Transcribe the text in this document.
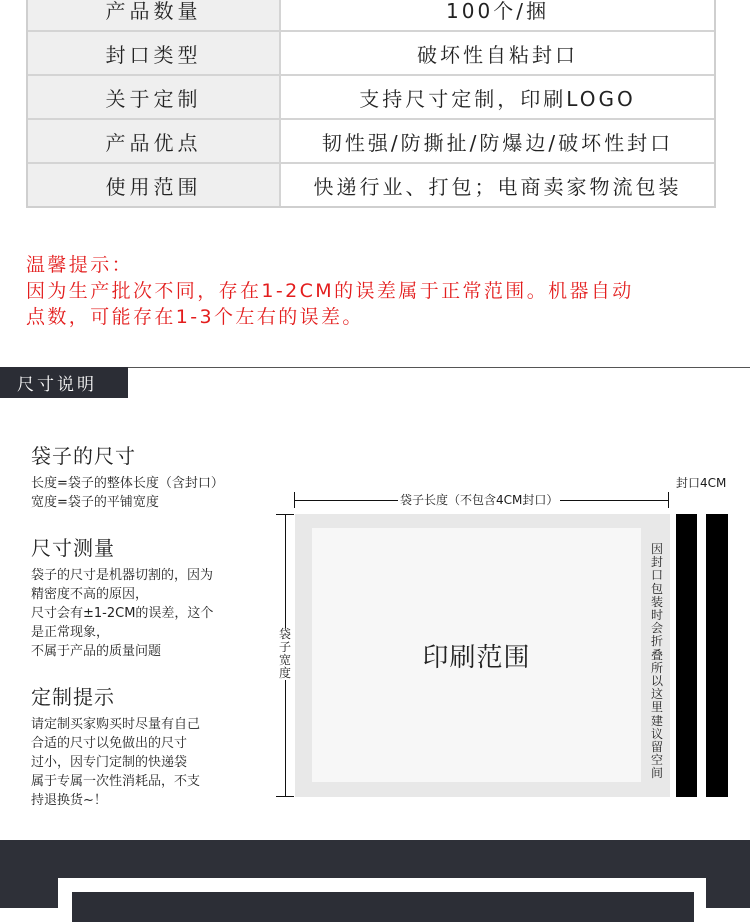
产品数量	100个/捆
封口类型	破坏性自粘封口
关于定制	支持尺寸定制，印刷LOGO
产品优点	韧性强/防撕扯/防爆边/破坏性封口
使用范围	快递行业、打包；电商卖家物流包装
温馨提示：
因为生产批次不同，存在1-2CM的误差属于正常范围。机器自动
点数，可能存在1-3个左右的误差。
尺寸说明
袋子的尺寸

长度=袋子的整体长度（含封口）
宽度=袋子的平铺宽度

尺寸测量

袋子的尺寸是机器切割的，因为
精密度不高的原因，
尺寸会有±1-2CM的误差，这个
是正常现象，
不属于产品的质量问题

定制提示

请定制买家购买时尽量有自己
合适的尺寸以免做出的尺寸
过小，因专门定制的快递袋
属于专属一次性消耗品，不支
持退换货~！

袋子长度（不包含4CM封口）
袋子宽度
封口4CM
印刷范围
因封口包装时会折叠所以这里建议留空间
